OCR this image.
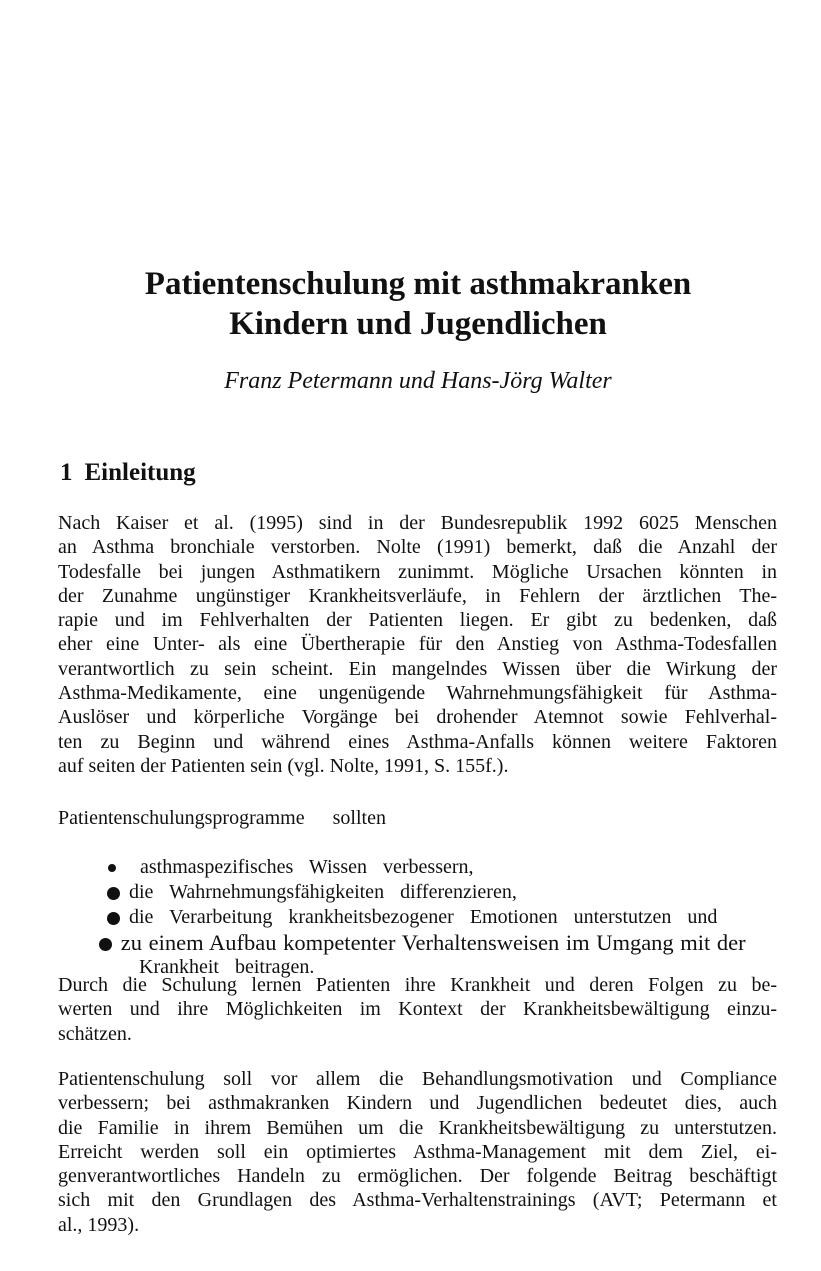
Patientenschulung mit asthmakranken
Kindern und Jugendlichen

Franz Petermann und Hans-Jörg Walter

1 Einleitung

Nach Kaiser et al. (1995) sind in der Bundesrepublik 1992 6025 Menschen
an Asthma bronchiale verstorben. Nolte (1991) bemerkt, daß die Anzahl der
Todesfalle bei jungen Asthmatikern zunimmt. Mögliche Ursachen könnten in
der Zunahme ungünstiger Krankheitsverläufe, in Fehlern der ärztlichen The-
rapie und im Fehlverhalten der Patienten liegen. Er gibt zu bedenken, daß
eher eine Unter- als eine Übertherapie für den Anstieg von Asthma-Todesfallen
verantwortlich zu sein scheint. Ein mangelndes Wissen über die Wirkung der
Asthma-Medikamente, eine ungenügende Wahrnehmungsfähigkeit für Asthma-
Auslöser und körperliche Vorgänge bei drohender Atemnot sowie Fehlverhal-
ten zu Beginn und während eines Asthma-Anfalls können weitere Faktoren
auf seiten der Patienten sein (vgl. Nolte, 1991, S. 155f.).

Patientenschulungsprogramme    sollten

asthmaspezifisches  Wissen  verbessern,

die  Wahrnehmungsfähigkeiten  differenzieren,

die  Verarbeitung  krankheitsbezogener  Emotionen  unterstutzen  und

zu einem Aufbau kompetenter Verhaltensweisen im Umgang mit der

Krankheit  beitragen.

Durch die Schulung lernen Patienten ihre Krankheit und deren Folgen zu be-
werten und ihre Möglichkeiten im Kontext der Krankheitsbewältigung einzu-
schätzen.

Patientenschulung soll vor allem die Behandlungsmotivation und Compliance
verbessern; bei asthmakranken Kindern und Jugendlichen bedeutet dies, auch
die Familie in ihrem Bemühen um die Krankheitsbewältigung zu unterstutzen.
Erreicht werden soll ein optimiertes Asthma-Management mit dem Ziel, ei-
genverantwortliches Handeln zu ermöglichen. Der folgende Beitrag beschäftigt
sich mit den Grundlagen des Asthma-Verhaltenstrainings (AVT; Petermann et
al., 1993).
